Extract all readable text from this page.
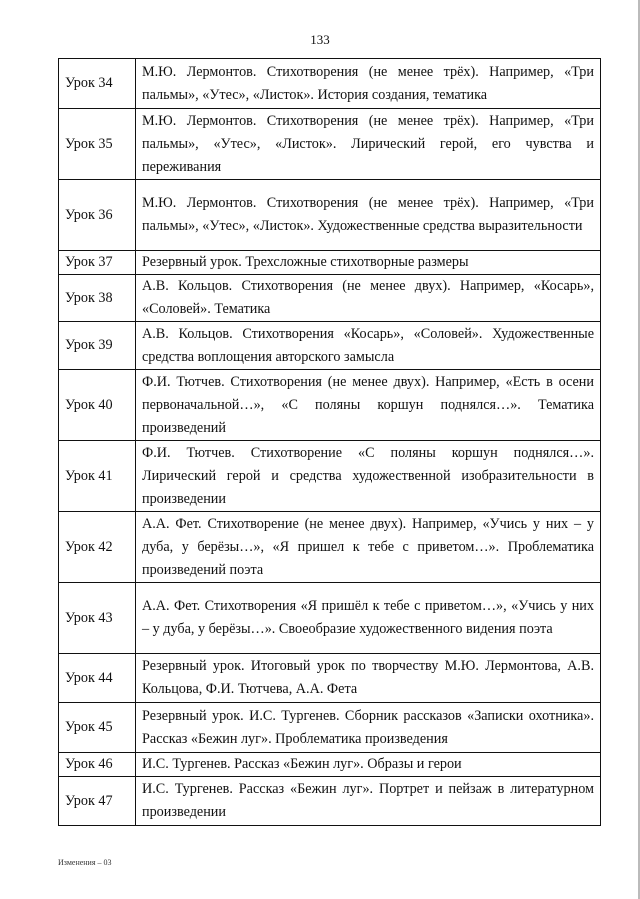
133
Урок 34	М.Ю. Лермонтов. Стихотворения (не менее трёх). Например, «Три пальмы», «Утес», «Листок». История создания, тематика
Урок 35	М.Ю. Лермонтов. Стихотворения (не менее трёх). Например, «Три пальмы», «Утес», «Листок». Лирический герой, его чувства и переживания
Урок 36	М.Ю. Лермонтов. Стихотворения (не менее трёх). Например, «Три пальмы», «Утес», «Листок». Художественные средства выразительности
Урок 37	Резервный урок. Трехсложные стихотворные размеры
Урок 38	А.В. Кольцов. Стихотворения (не менее двух). Например, «Косарь», «Соловей». Тематика
Урок 39	А.В. Кольцов. Стихотворения «Косарь», «Соловей». Художественные средства воплощения авторского замысла
Урок 40	Ф.И. Тютчев. Стихотворения (не менее двух). Например, «Есть в осени первоначальной…», «С поляны коршун поднялся…». Тематика произведений
Урок 41	Ф.И. Тютчев. Стихотворение «С поляны коршун поднялся…». Лирический герой и средства художественной изобразительности в произведении
Урок 42	А.А. Фет. Стихотворение (не менее двух). Например, «Учись у них – у дуба, у берёзы…», «Я пришел к тебе с приветом…». Проблематика произведений поэта
Урок 43	А.А. Фет. Стихотворения «Я пришёл к тебе с приветом…», «Учись у них – у дуба, у берёзы…». Своеобразие художественного видения поэта
Урок 44	Резервный урок. Итоговый урок по творчеству М.Ю. Лермонтова, А.В. Кольцова, Ф.И. Тютчева, А.А. Фета
Урок 45	Резервный урок. И.С. Тургенев. Сборник рассказов «Записки охотника». Рассказ «Бежин луг». Проблематика произведения
Урок 46	И.С. Тургенев. Рассказ «Бежин луг». Образы и герои
Урок 47	И.С. Тургенев. Рассказ «Бежин луг». Портрет и пейзаж в литературном произведении
Изменения – 03
